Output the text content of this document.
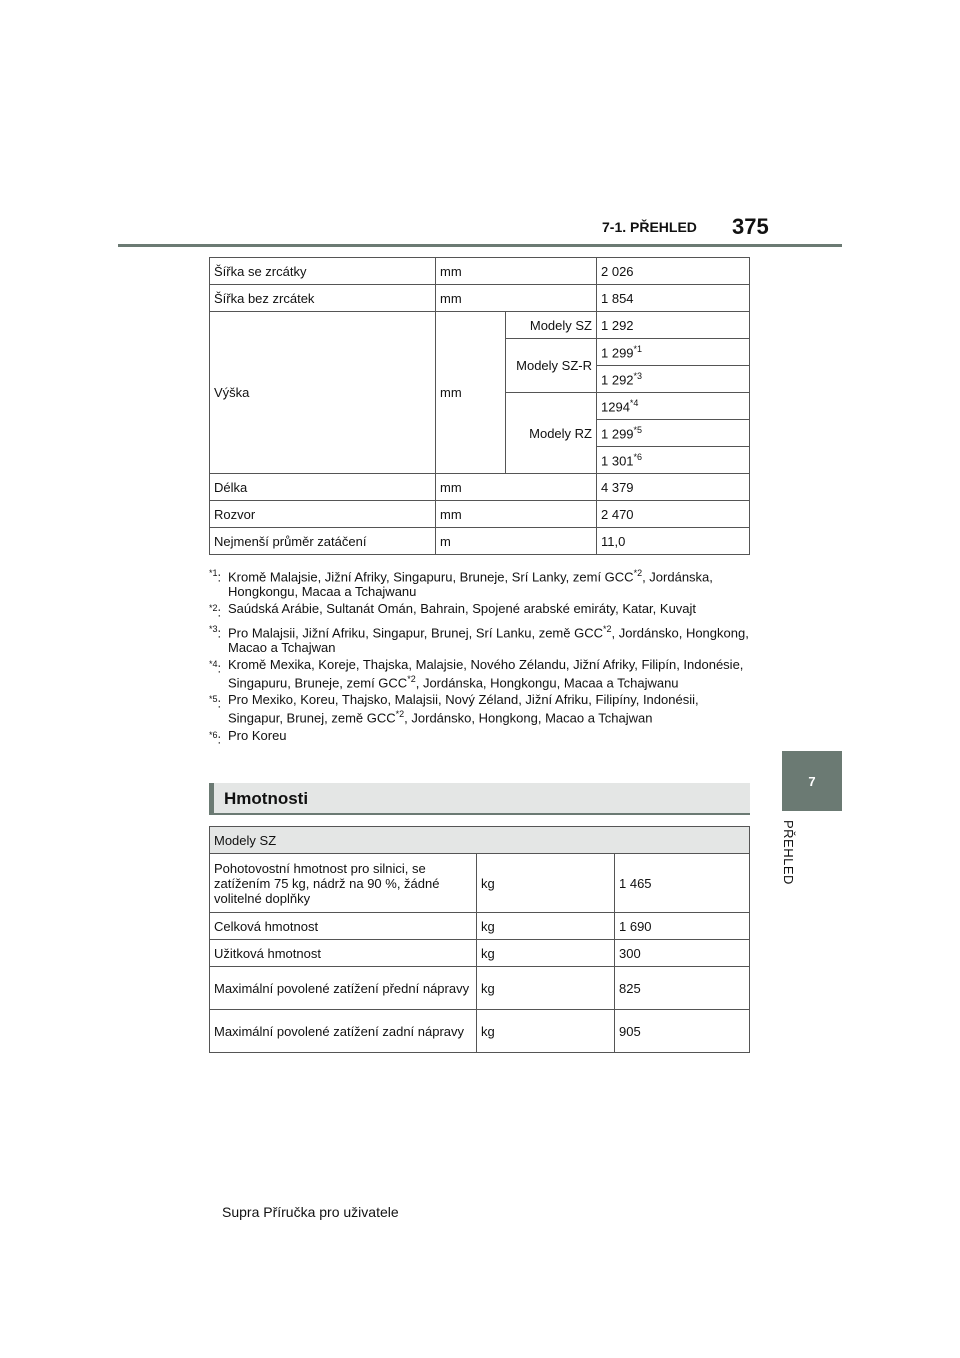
7-1. PŘEHLED 375
7
PŘEHLED
Šířka se zrcátky	mm		2 026
Šířka bez zrcátek	mm		1 854
Výška	mm	Modely SZ	1 292
		Modely SZ-R	1 299$^{*1}$
			1 292$^{*3}$
		Modely RZ	1294$^{*4}$
			1 299$^{*5}$
			1 301$^{*6}$
Délka	mm		4 379
Rozvor	mm		2 470
Nejmenší průměr zatáčení	m		11,0
$^{*1}$: Kromě Malajsie, Jižní Afriky, Singapuru, Bruneje, Srí Lanky, zemí GCC$^{*2}$, Jordánska, Hongkongu, Macaa a Tchajwanu
$^{*2}$: Saúdská Arábie, Sultanát Omán, Bahrain, Spojené arabské emiráty, Katar, Kuvajt
$^{*3}$: Pro Malajsii, Jižní Afriku, Singapur, Brunej, Srí Lanku, země GCC$^{*2}$, Jordánsko, Hongkong, Macao a Tchajwan
$^{*4}$: Kromě Mexika, Koreje, Thajska, Malajsie, Nového Zélandu, Jižní Afriky, Filipín, Indonésie, Singapuru, Bruneje, zemí GCC$^{*2}$, Jordánska, Hongkongu, Macaa a Tchajwanu
$^{*5}$: Pro Mexiko, Koreu, Thajsko, Malajsii, Nový Zéland, Jižní Afriku, Filipíny, Indonésii, Singapur, Brunej, země GCC$^{*2}$, Jordánsko, Hongkong, Macao a Tchajwan
$^{*6}$: Pro Koreu
Hmotnosti
Modely SZ		
Pohotovostní hmotnost pro silnici, se zatížením 75 kg, nádrž na 90 %, žádné volitelné doplňky	kg	1 465
Celková hmotnost	kg	1 690
Užitková hmotnost	kg	300
Maximální povolené zatížení přední nápravy	kg	825
Maximální povolené zatížení zadní nápravy	kg	905
Supra Příručka pro uživatele
